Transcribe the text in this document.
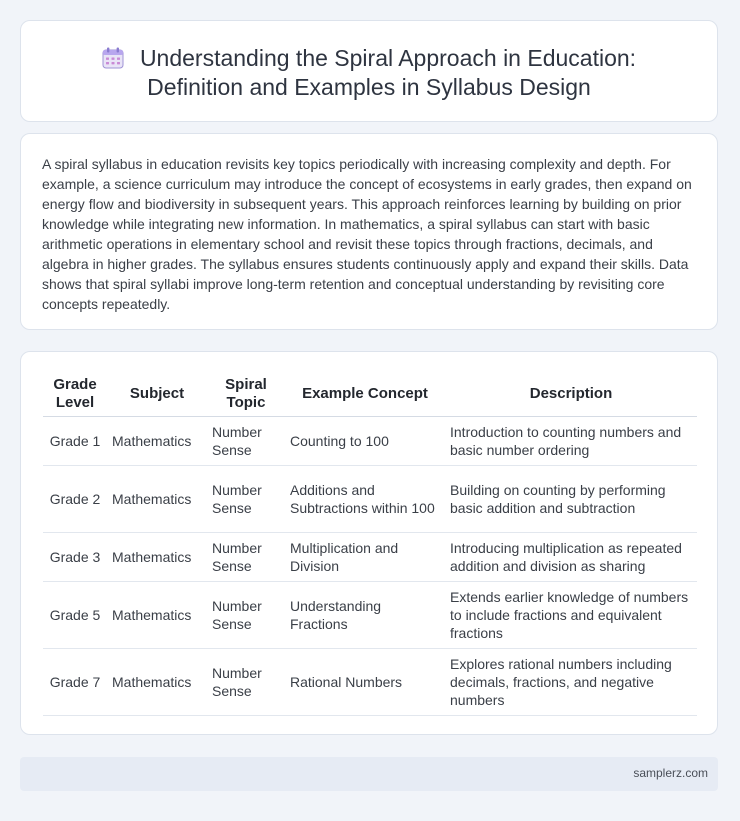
Understanding the Spiral Approach in Education:
Definition and Examples in Syllabus Design
A spiral syllabus in education revisits key topics periodically with increasing complexity and depth. For example, a science curriculum may introduce the concept of ecosystems in early grades, then expand on energy flow and biodiversity in subsequent years. This approach reinforces learning by building on prior knowledge while integrating new information. In mathematics, a spiral syllabus can start with basic arithmetic operations in elementary school and revisit these topics through fractions, decimals, and algebra in higher grades. The syllabus ensures students continuously apply and expand their skills. Data shows that spiral syllabi improve long-term retention and conceptual understanding by revisiting core concepts repeatedly.
Grade Level	Subject	Spiral Topic	Example Concept	Description
Grade 1	Mathematics	Number Sense	Counting to 100	Introduction to counting numbers and basic number ordering
Grade 2	Mathematics	Number Sense	Additions and Subtractions within 100	Building on counting by performing basic addition and subtraction
Grade 3	Mathematics	Number Sense	Multiplication and Division	Introducing multiplication as repeated addition and division as sharing
Grade 5	Mathematics	Number Sense	Understanding Fractions	Extends earlier knowledge of numbers to include fractions and equivalent fractions
Grade 7	Mathematics	Number Sense	Rational Numbers	Explores rational numbers including decimals, fractions, and negative numbers
samplerz.com
